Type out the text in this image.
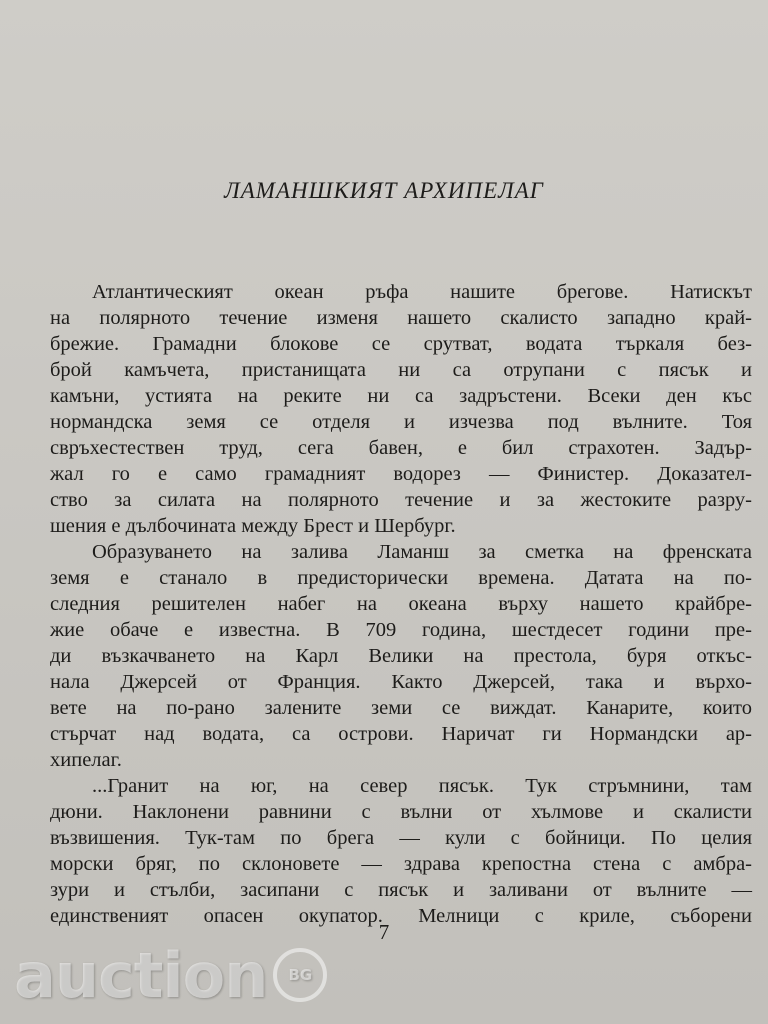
ЛАМАНШКИЯТ АРХИПЕЛАГ
Атлантическият океан ръфа нашите брегове. Натискът
на полярното течение изменя нашето скалисто западно край-
брежие. Грамадни блокове се срутват, водата търкаля без-
брой камъчета, пристанищата ни са отрупани с пясък и
камъни, устията на реките ни са задръстени. Всеки ден къс
нормандска земя се отделя и изчезва под вълните. Тоя
свръхестествен труд, сега бавен, е бил страхотен. Задър-
жал го е само грамадният водорез — Финистер. Доказател-
ство за силата на полярното течение и за жестоките разру-
шения е дълбочината между Брест и Шербург.
Образуването на залива Ламанш за сметка на френската
земя е станало в предисторически времена. Датата на по-
следния решителен набег на океана върху нашето крайбре-
жие обаче е известна. В 709 година, шестдесет години пре-
ди възкачването на Карл Велики на престола, буря откъс-
нала Джерсей от Франция. Както Джерсей, така и върхо-
вете на по-рано залените земи се виждат. Канарите, които
стърчат над водата, са острови. Наричат ги Нормандски ар-
хипелаг.
...Гранит на юг, на север пясък. Тук стръмнини, там
дюни. Наклонени равнини с вълни от хълмове и скалисти
възвишения. Тук-там по брега — кули с бойници. По целия
морски бряг, по склоновете — здрава крепостна стена с амбра-
зури и стълби, засипани с пясък и заливани от вълните —
единственият опасен окупатор. Мелници с криле, съборени
7
auction	BG
